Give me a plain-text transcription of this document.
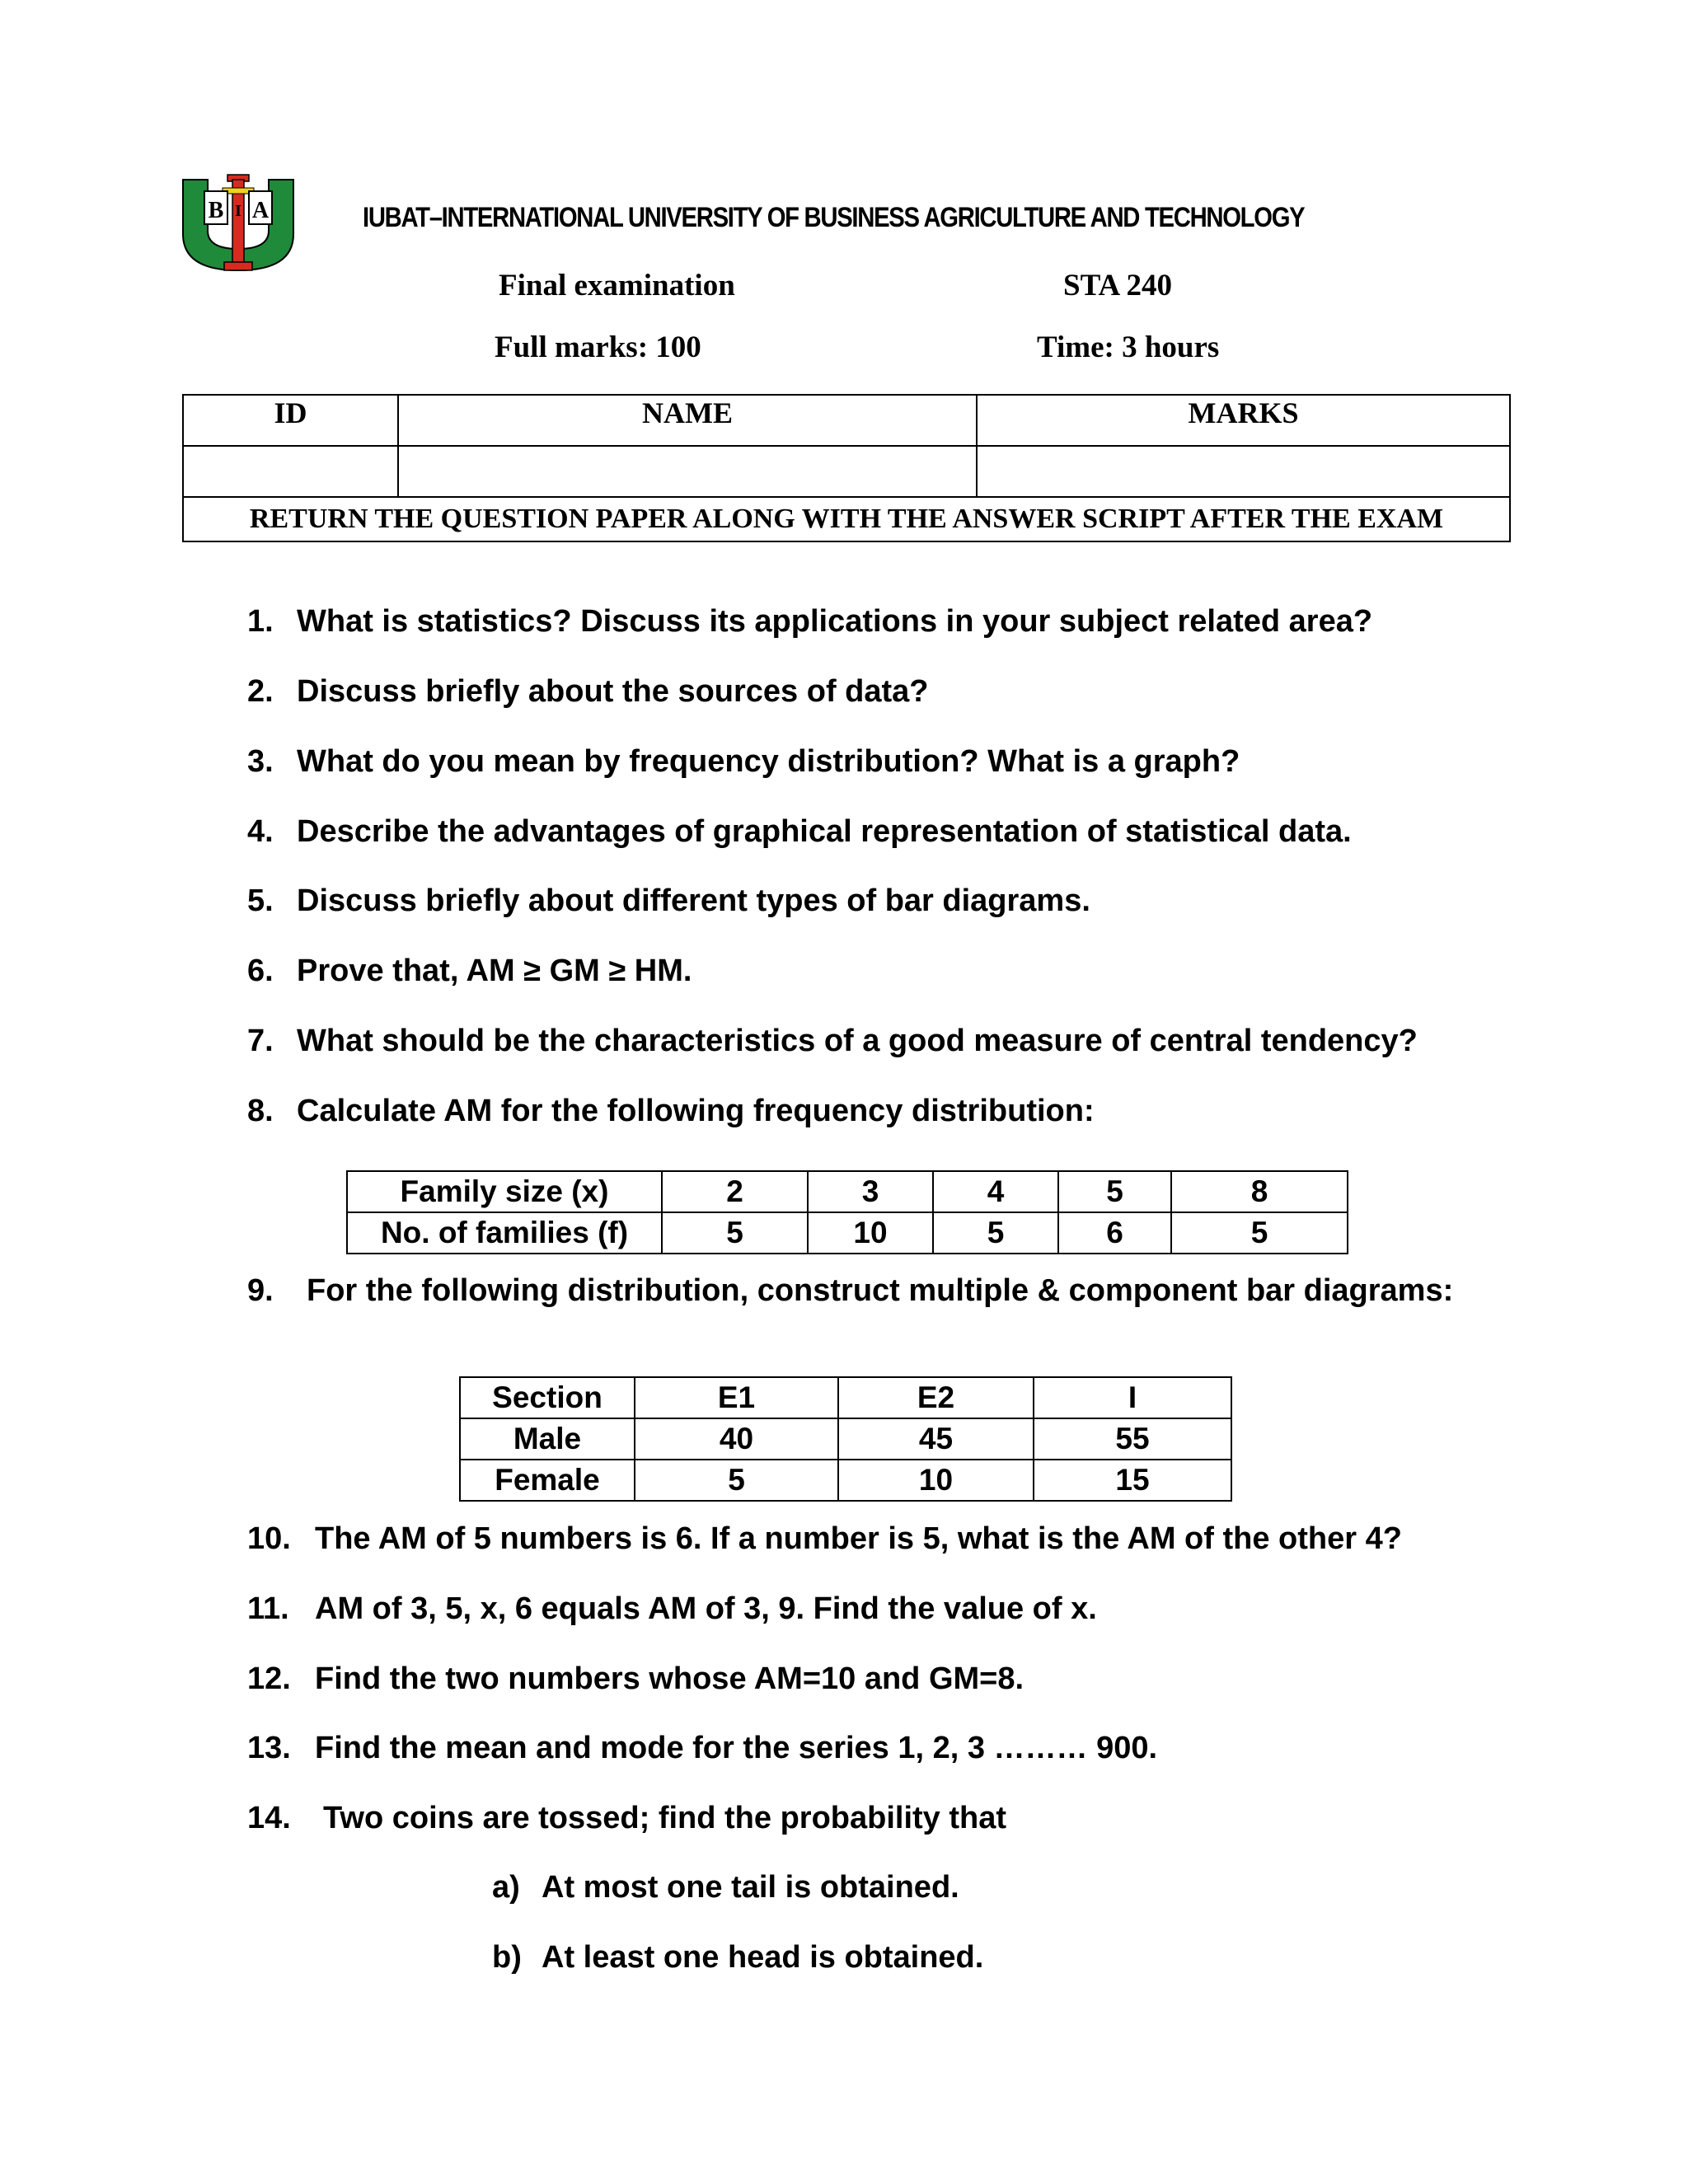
B I A	IUBAT–INTERNATIONAL UNIVERSITY OF BUSINESS AGRICULTURE AND TECHNOLOGY
Final examination	STA 240
Full marks: 100	Time: 3 hours
ID	NAME	MARKS

RETURN THE QUESTION PAPER ALONG WITH THE ANSWER SCRIPT AFTER THE EXAM		
1. What is statistics? Discuss its applications in your subject related area?
2. Discuss briefly about the sources of data?
3. What do you mean by frequency distribution? What is a graph?
4. Describe the advantages of graphical representation of statistical data.
5. Discuss briefly about different types of bar diagrams.
6. Prove that, AM ≥ GM ≥ HM.
7. What should be the characteristics of a good measure of central tendency?
8. Calculate AM for the following frequency distribution:
Family size (x)	2	3	4	5	8
No. of families (f)	5	10	5	6	5
9. For the following distribution, construct multiple & component bar diagrams:
Section	E1	E2	I
Male	40	45	55
Female	5	10	15
10. The AM of 5 numbers is 6. If a number is 5, what is the AM of the other 4?
11. AM of 3, 5, x, 6 equals AM of 3, 9. Find the value of x.
12. Find the two numbers whose AM=10 and GM=8.
13. Find the mean and mode for the series 1, 2, 3 ……… 900.
14. Two coins are tossed; find the probability that
a) At most one tail is obtained.
b) At least one head is obtained.
